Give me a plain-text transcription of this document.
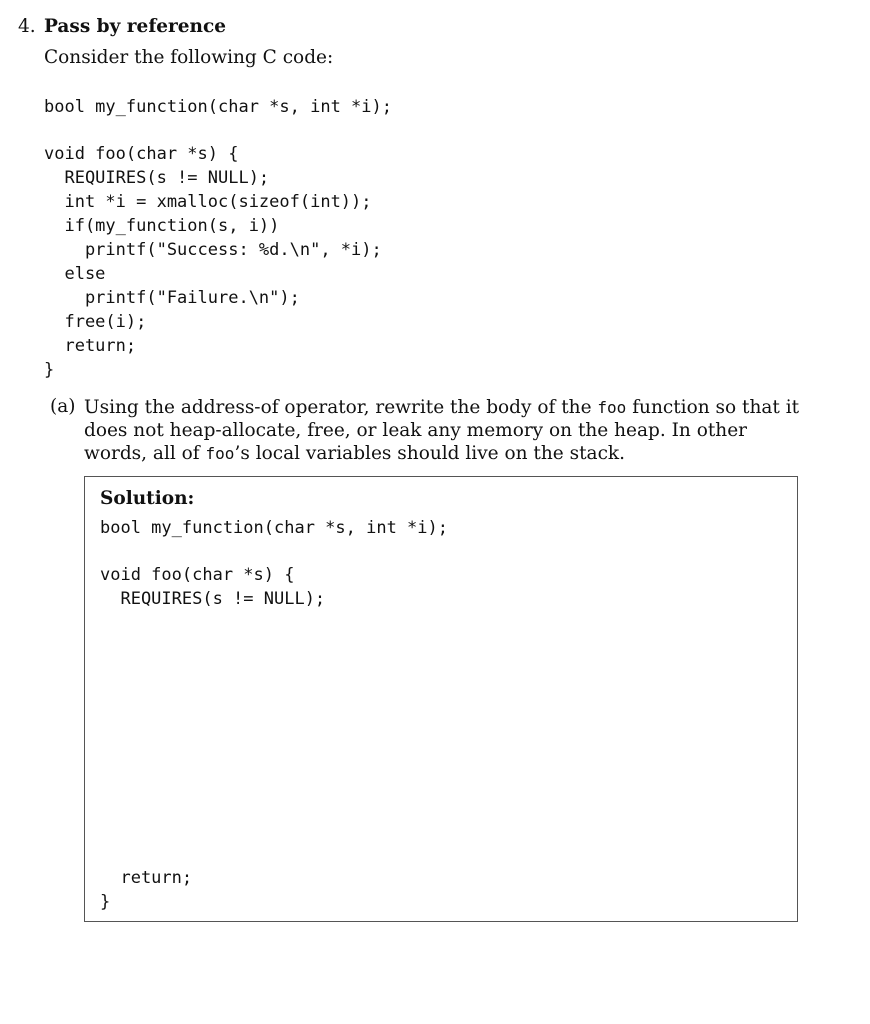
4. Pass by reference
Consider the following C code:
bool my_function(char *s, int *i);
void foo(char *s) {
REQUIRES(s != NULL);
int *i = xmalloc(sizeof(int));
if(my_function(s, i))
printf("Success: %d.\n", *i);
else
printf("Failure.\n");
free(i);
return;
}
(a) Using the address-of operator, rewrite the body of the foo function so that it does not heap-allocate, free, or leak any memory on the heap. In other words, all of foo’s local variables should live on the stack.
Solution:
bool my_function(char *s, int *i);
void foo(char *s) {
REQUIRES(s != NULL);
return;
}
